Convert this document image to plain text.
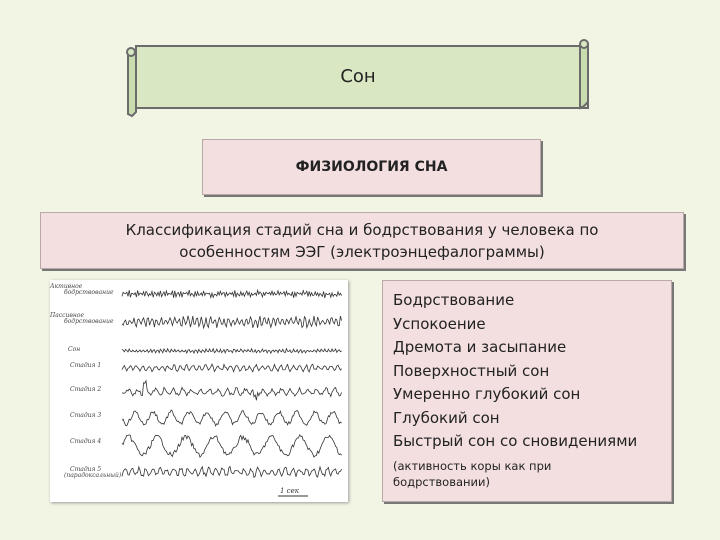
Сон
ФИЗИОЛОГИЯ СНА
Классификация стадий сна и бодрствования у человека по
особенностям ЭЭГ (электроэнцефалограммы)
Активное
бодрствование
Пассивное
бодрствование
Сон
Стадия 1
Стадия 2
Стадия 3
Стадия 4
Стадия 5
(парадоксальный)
1 сек
Бодрствование
Успокоение
Дремота и засыпание
Поверхностный сон
Умеренно глубокий сон
Глубокий сон
Быстрый сон со сновидениями
(активность коры как при
бодрствовании)
